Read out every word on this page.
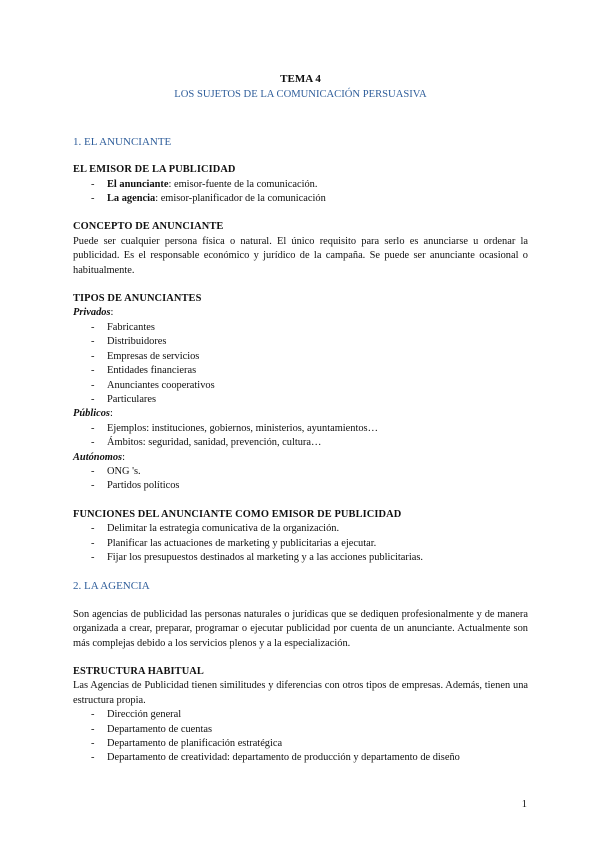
TEMA 4

LOS SUJETOS DE LA COMUNICACIÓN PERSUASIVA

1. EL ANUNCIANTE

EL EMISOR DE LA PUBLICIDAD

- El anunciante: emisor-fuente de la comunicación.
- La agencia: emisor-planificador de la comunicación

CONCEPTO DE ANUNCIANTE

Puede ser cualquier persona física o natural. El único requisito para serlo es anunciarse u ordenar la publicidad. Es el responsable económico y jurídico de la campaña. Se puede ser anunciante ocasional o habitualmente.

TIPOS DE ANUNCIANTES

Privados:

- Fabricantes
- Distribuidores
- Empresas de servicios
- Entidades financieras
- Anunciantes cooperativos
- Particulares

Públicos:

- Ejemplos: instituciones, gobiernos, ministerios, ayuntamientos…
- Ámbitos: seguridad, sanidad, prevención, cultura…

Autónomos:

- ONG 's.
- Partidos políticos

FUNCIONES DEL ANUNCIANTE COMO EMISOR DE PUBLICIDAD

- Delimitar la estrategia comunicativa de la organización.
- Planificar las actuaciones de marketing y publicitarias a ejecutar.
- Fijar los presupuestos destinados al marketing y a las acciones publicitarias.

2. LA AGENCIA

Son agencias de publicidad las personas naturales o jurídicas que se dediquen profesionalmente y de manera organizada a crear, preparar, programar o ejecutar publicidad por cuenta de un anunciante. Actualmente son más complejas debido a los servicios plenos y a la especialización.

ESTRUCTURA HABITUAL

Las Agencias de Publicidad tienen similitudes y diferencias con otros tipos de empresas. Además, tienen una estructura propia.

- Dirección general
- Departamento de cuentas
- Departamento de planificación estratégica
- Departamento de creatividad: departamento de producción y departamento de diseño
1
